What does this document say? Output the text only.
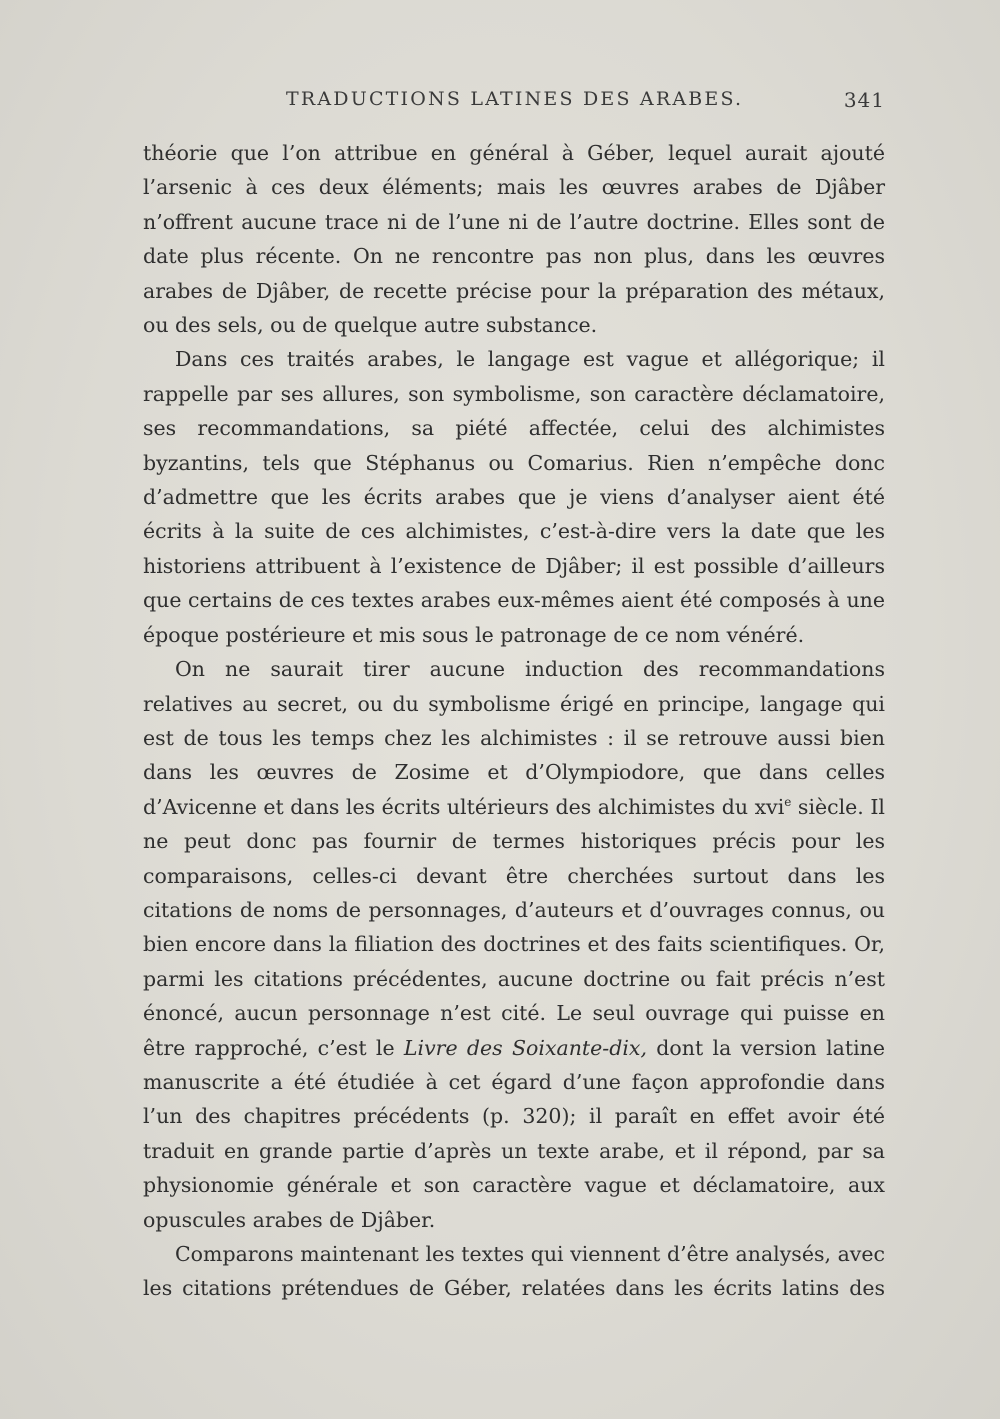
TRADUCTIONS LATINES DES ARABES.	341

théorie que l’on attribue en général à Géber, lequel aurait ajouté l’arsenic à ces deux éléments; mais les œuvres arabes de Djâber n’offrent aucune trace ni de l’une ni de l’autre doctrine. Elles sont de date plus récente. On ne rencontre pas non plus, dans les œuvres arabes de Djâber, de recette précise pour la préparation des métaux, ou des sels, ou de quelque autre substance.

Dans ces traités arabes, le langage est vague et allégorique; il rappelle par ses allures, son symbolisme, son caractère déclamatoire, ses recommandations, sa piété affectée, celui des alchimistes byzantins, tels que Stéphanus ou Comarius. Rien n’empêche donc d’admettre que les écrits arabes que je viens d’analyser aient été écrits à la suite de ces alchimistes, c’est-à-dire vers la date que les historiens attribuent à l’existence de Djâber; il est possible d’ailleurs que certains de ces textes arabes eux-mêmes aient été composés à une époque postérieure et mis sous le patronage de ce nom vénéré.

On ne saurait tirer aucune induction des recommandations relatives au secret, ou du symbolisme érigé en principe, langage qui est de tous les temps chez les alchimistes : il se retrouve aussi bien dans les œuvres de Zosime et d’Olympiodore, que dans celles d’Avicenne et dans les écrits ultérieurs des alchimistes du xvi$^e$ siècle. Il ne peut donc pas fournir de termes historiques précis pour les comparaisons, celles-ci devant être cherchées surtout dans les citations de noms de personnages, d’auteurs et d’ouvrages connus, ou bien encore dans la filiation des doctrines et des faits scientifiques. Or, parmi les citations précédentes, aucune doctrine ou fait précis n’est énoncé, aucun personnage n’est cité. Le seul ouvrage qui puisse en être rapproché, c’est le Livre des Soixante-dix, dont la version latine manuscrite a été étudiée à cet égard d’une façon approfondie dans l’un des chapitres précédents (p. 320); il paraît en effet avoir été traduit en grande partie d’après un texte arabe, et il répond, par sa physionomie générale et son caractère vague et déclamatoire, aux opuscules arabes de Djâber.

Comparons maintenant les textes qui viennent d’être analysés, avec les citations prétendues de Géber, relatées dans les écrits latins des
